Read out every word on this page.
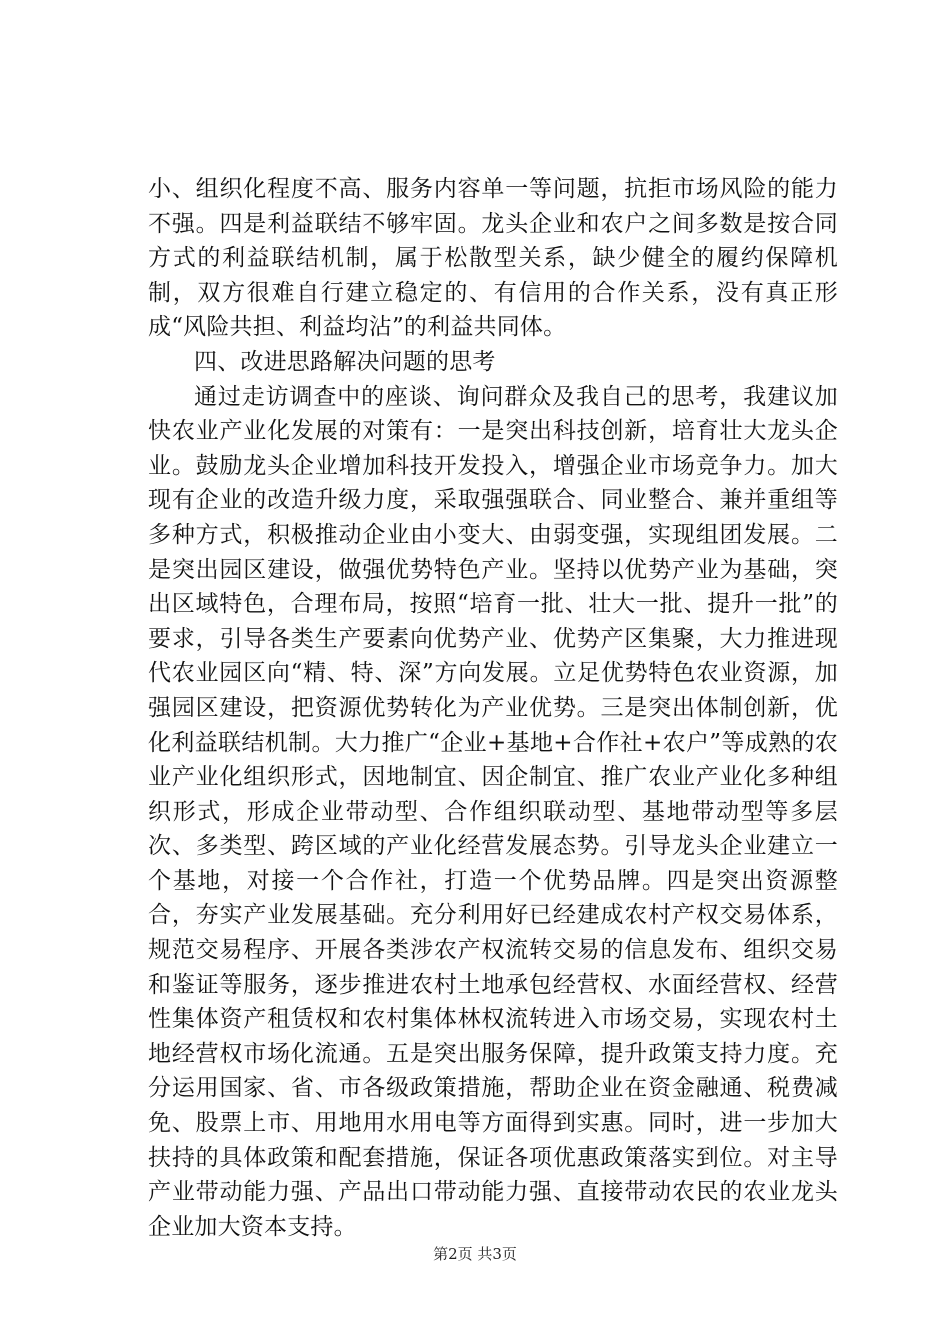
小、组织化程度不高、服务内容单一等问题，抗拒市场风险的能力不强。四是利益联结不够牢固。龙头企业和农户之间多数是按合同方式的利益联结机制，属于松散型关系，缺少健全的履约保障机制，双方很难自行建立稳定的、有信用的合作关系，没有真正形成“风险共担、利益均沾”的利益共同体。

四、改进思路解决问题的思考

通过走访调查中的座谈、询问群众及我自己的思考，我建议加快农业产业化发展的对策有：一是突出科技创新，培育壮大龙头企业。鼓励龙头企业增加科技开发投入，增强企业市场竞争力。加大现有企业的改造升级力度，采取强强联合、同业整合、兼并重组等多种方式，积极推动企业由小变大、由弱变强，实现组团发展。二是突出园区建设，做强优势特色产业。坚持以优势产业为基础，突出区域特色，合理布局，按照“培育一批、壮大一批、提升一批”的要求，引导各类生产要素向优势产业、优势产区集聚，大力推进现代农业园区向“精、特、深”方向发展。立足优势特色农业资源，加强园区建设，把资源优势转化为产业优势。三是突出体制创新，优化利益联结机制。大力推广“企业+基地+合作社+农户”等成熟的农业产业化组织形式，因地制宜、因企制宜、推广农业产业化多种组织形式，形成企业带动型、合作组织联动型、基地带动型等多层次、多类型、跨区域的产业化经营发展态势。引导龙头企业建立一个基地，对接一个合作社，打造一个优势品牌。四是突出资源整合，夯实产业发展基础。充分利用好已经建成农村产权交易体系，规范交易程序、开展各类涉农产权流转交易的信息发布、组织交易和鉴证等服务，逐步推进农村土地承包经营权、水面经营权、经营性集体资产租赁权和农村集体林权流转进入市场交易，实现农村土地经营权市场化流通。五是突出服务保障，提升政策支持力度。充分运用国家、省、市各级政策措施，帮助企业在资金融通、税费减免、股票上市、用地用水用电等方面得到实惠。同时，进一步加大扶持的具体政策和配套措施，保证各项优惠政策落实到位。对主导产业带动能力强、产品出口带动能力强、直接带动农民的农业龙头企业加大资本支持。

第2页 共3页
